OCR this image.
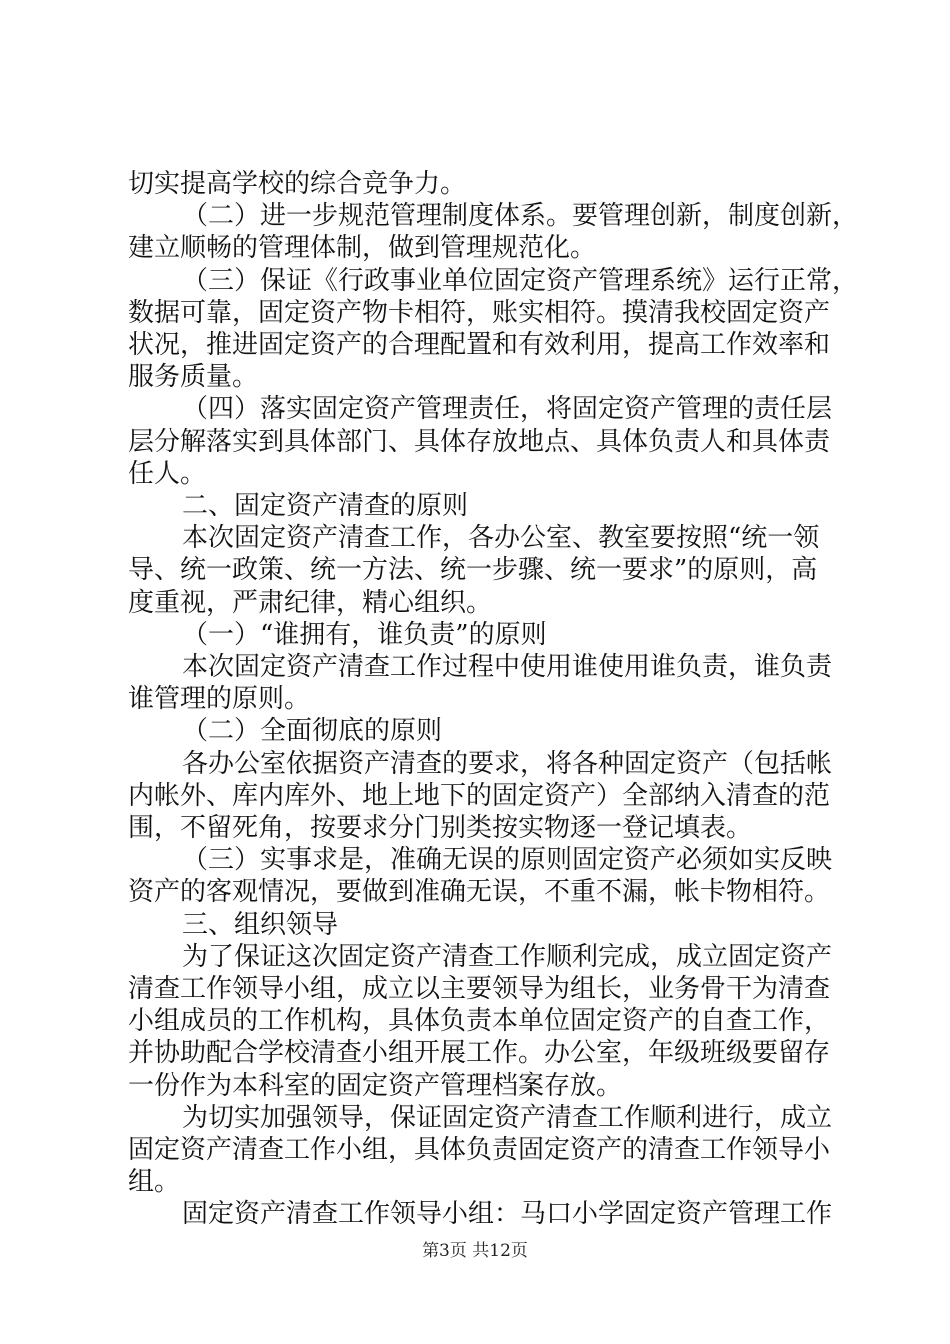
切实提高学校的综合竞争力。
（二）进一步规范管理制度体系。要管理创新，制度创新，
建立顺畅的管理体制，做到管理规范化。
（三）保证《行政事业单位固定资产管理系统》运行正常，
数据可靠，固定资产物卡相符，账实相符。摸清我校固定资产
状况，推进固定资产的合理配置和有效利用，提高工作效率和
服务质量。
（四）落实固定资产管理责任，将固定资产管理的责任层
层分解落实到具体部门、具体存放地点、具体负责人和具体责
任人。
二、固定资产清查的原则
本次固定资产清查工作，各办公室、教室要按照“统一领
导、统一政策、统一方法、统一步骤、统一要求”的原则，高
度重视，严肃纪律，精心组织。
（一）“谁拥有，谁负责”的原则
本次固定资产清查工作过程中使用谁使用谁负责，谁负责
谁管理的原则。
（二）全面彻底的原则
各办公室依据资产清查的要求，将各种固定资产（包括帐
内帐外、库内库外、地上地下的固定资产）全部纳入清查的范
围，不留死角，按要求分门别类按实物逐一登记填表。
（三）实事求是，准确无误的原则固定资产必须如实反映
资产的客观情况，要做到准确无误，不重不漏，帐卡物相符。
三、组织领导
为了保证这次固定资产清查工作顺利完成，成立固定资产
清查工作领导小组，成立以主要领导为组长，业务骨干为清查
小组成员的工作机构，具体负责本单位固定资产的自查工作，
并协助配合学校清查小组开展工作。办公室，年级班级要留存
一份作为本科室的固定资产管理档案存放。
为切实加强领导，保证固定资产清查工作顺利进行，成立
固定资产清查工作小组，具体负责固定资产的清查工作领导小
组。
固定资产清查工作领导小组：马口小学固定资产管理工作
第3页 共12页
